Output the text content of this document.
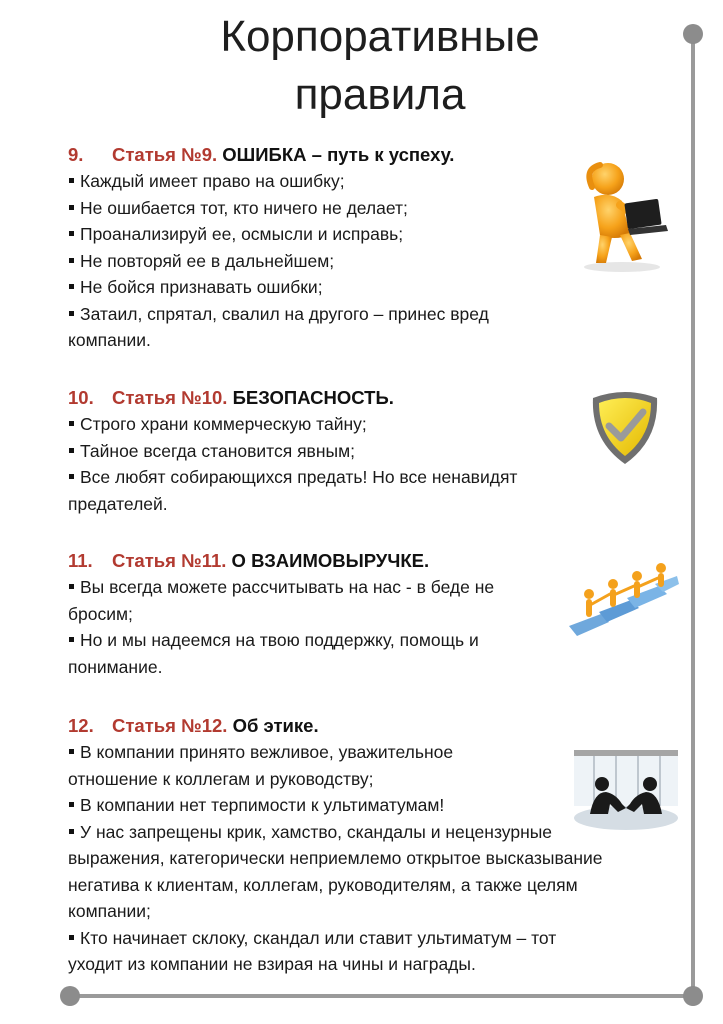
Корпоративные
правила
9. Статья №9. ОШИБКА – путь к успеху.
Каждый имеет право на ошибку;
Не ошибается тот, кто ничего не делает;
Проанализируй ее, осмысли и исправь;
Не повторяй ее в дальнейшем;
Не бойся признавать ошибки;
Затаил, спрятал, свалил на другого – принес вред компании.
10. Статья №10. БЕЗОПАСНОСТЬ.
Строго храни коммерческую тайну;
Тайное всегда становится явным;
Все любят собирающихся предать! Но все ненавидят предателей.
11. Статья №11. О ВЗАИМОВЫРУЧКЕ.
Вы всегда можете рассчитывать на нас - в беде не бросим;
Но и мы надеемся на твою поддержку, помощь и понимание.
12. Статья №12. Об этике.
В компании принято вежливое, уважительное отношение к коллегам и руководству;
В компании нет терпимости к ультиматумам!
У нас запрещены крик, хамство, скандалы и нецензурные выражения, категорически неприемлемо открытое высказывание негатива к клиентам, коллегам, руководителям, а также целям компании;
Кто начинает склоку, скандал или ставит ультиматум – тот уходит из компании не взирая на чины и награды.
